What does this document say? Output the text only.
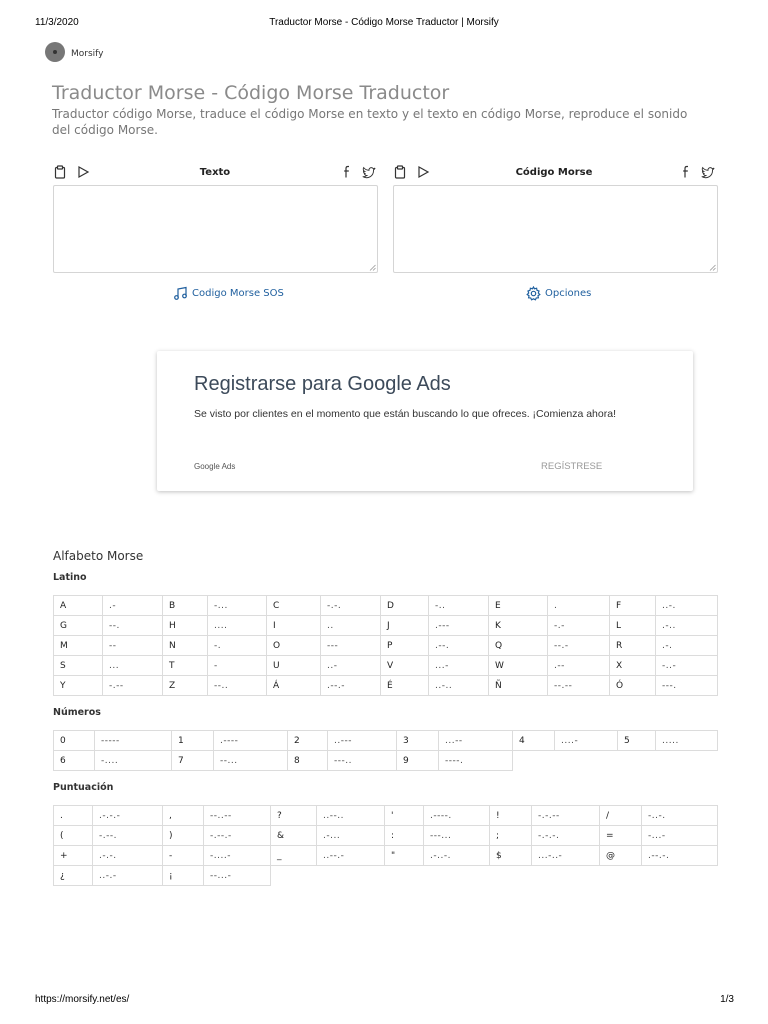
11/3/2020	Traductor Morse - Código Morse Traductor | Morsify
Morsify
Traductor Morse - Código Morse Traductor
Traductor código Morse, traduce el código Morse en texto y el texto en código Morse, reproduce el sonido del código Morse.
Texto	Código Morse
Codigo Morse SOS	Opciones
Registrarse para Google Ads
Se visto por clientes en el momento que están buscando lo que ofreces. ¡Comienza ahora!
Google Ads	REGÍSTRESE
Alfabeto Morse
Latino
A	.-	B	-...	C	-.-.	D	-..	E	.	F	..-.
G	--.	H	....	I	..	J	.---	K	-.-	L	.-..
M	--	N	-.	O	---	P	.--.	Q	--.-	R	.-.
S	...	T	-	U	..-	V	...-	W	.--	X	-..-
Y	-.--	Z	--..	Á	.--.-	É	..-..	Ñ	--.--	Ó	---.
Números
0	-----	1	.----	2	..---	3	...--	4	....-	5	.....
6	-....	7	--...	8	---..	9	----.				
Puntuación
.	.-.-.-	,	--..--	?	..--..	'	.----.	!	-.-.--	/	-..-.
(	-.--.	)	-.--.-	&	.-...	:	---...	;	-.-.-.	=	-...-
+	.-.-.	-	-....-	_	..--.-	"	.-..-.	$	...-..-	@	.--.-.
¿	..-.-	¡	--...-								
https://morsify.net/es/	1/3
